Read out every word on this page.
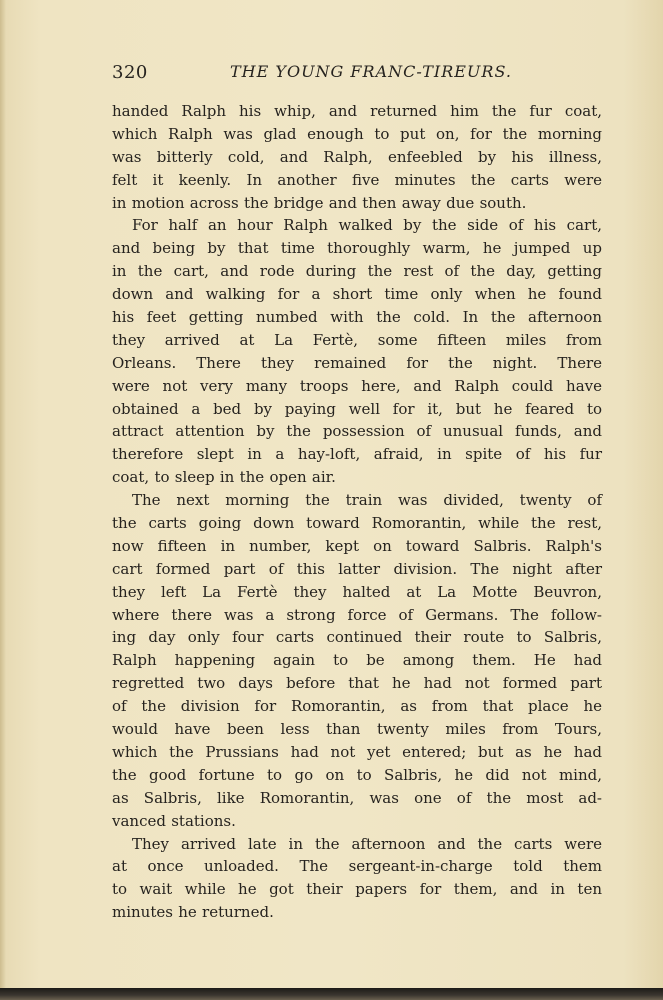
320	THE YOUNG FRANC-TIREURS.
handed Ralph his whip, and returned him the fur coat,
which Ralph was glad enough to put on, for the morning
was bitterly cold, and Ralph, enfeebled by his illness,
felt it keenly. In another five minutes the carts were
in motion across the bridge and then away due south.
For half an hour Ralph walked by the side of his cart,
and being by that time thoroughly warm, he jumped up
in the cart, and rode during the rest of the day, getting
down and walking for a short time only when he found
his feet getting numbed with the cold. In the afternoon
they arrived at La Fertè, some fifteen miles from
Orleans. There they remained for the night. There
were not very many troops here, and Ralph could have
obtained a bed by paying well for it, but he feared to
attract attention by the possession of unusual funds, and
therefore slept in a hay-loft, afraid, in spite of his fur
coat, to sleep in the open air.
The next morning the train was divided, twenty of
the carts going down toward Romorantin, while the rest,
now fifteen in number, kept on toward Salbris. Ralph's
cart formed part of this latter division. The night after
they left La Fertè they halted at La Motte Beuvron,
where there was a strong force of Germans. The follow-
ing day only four carts continued their route to Salbris,
Ralph happening again to be among them. He had
regretted two days before that he had not formed part
of the division for Romorantin, as from that place he
would have been less than twenty miles from Tours,
which the Prussians had not yet entered; but as he had
the good fortune to go on to Salbris, he did not mind,
as Salbris, like Romorantin, was one of the most ad-
vanced stations.
They arrived late in the afternoon and the carts were
at once unloaded. The sergeant-in-charge told them
to wait while he got their papers for them, and in ten
minutes he returned.
